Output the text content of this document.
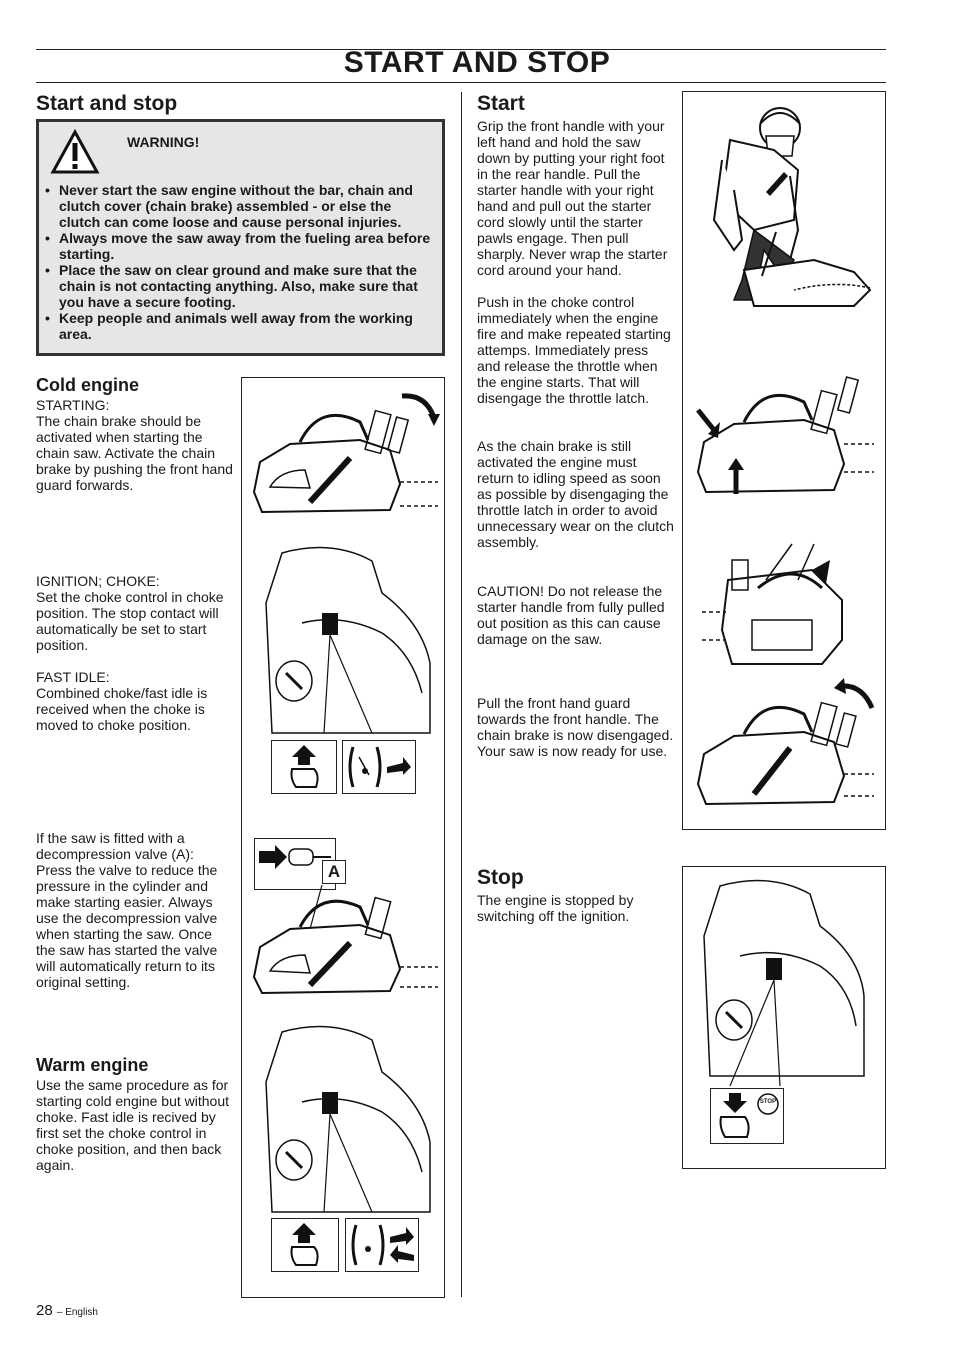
START AND STOP
Start and stop
WARNING!
• Never start the saw engine without the bar, chain and clutch cover (chain brake) assembled - or else the clutch can come loose and cause personal injuries.
• Always move the saw away from the fueling area before starting.
• Place the saw on clear ground and make sure that the chain is not contacting anything. Also, make sure that you have a secure footing.
• Keep people and animals well away from the working area.
Cold engine
STARTING:
The chain brake should be activated when starting the chain saw. Activate the chain brake by pushing the front hand guard forwards.
IGNITION; CHOKE:
Set the choke control in choke position. The stop contact will automatically be set to start position.
FAST IDLE:
Combined choke/fast idle is received when the choke is moved to choke position.
If the saw is fitted with a decompression valve (A): Press the valve to reduce the pressure in the cylinder and make starting easier. Always use the decompression valve when starting the saw. Once the saw has started the valve will automatically return to its original setting.
Warm engine
Use the same procedure as for starting cold engine but without choke. Fast idle is recived by first set the choke control in choke position, and then back again.
A
Start
Grip the front handle with your left hand and hold the saw down by putting your right foot in the rear handle. Pull the starter handle with your right hand and pull out the starter cord slowly until the starter pawls engage. Then pull sharply. Never wrap the starter cord around your hand.
Push in the choke control immediately when the engine fire and make repeated starting attemps. Immediately press and release the throttle when the engine starts. That will disengage the throttle latch.
As the chain brake is still activated the engine must return to idling speed as soon as possible by disengaging the throttle latch in order to avoid unnecessary wear on the clutch assembly.
CAUTION! Do not release the starter handle from fully pulled out position as this can cause damage on the saw.
Pull the front hand guard towards the front handle. The chain brake is now disengaged. Your saw is now ready for use.
Stop
The engine is stopped by switching off the ignition.
STOP
28 – English
